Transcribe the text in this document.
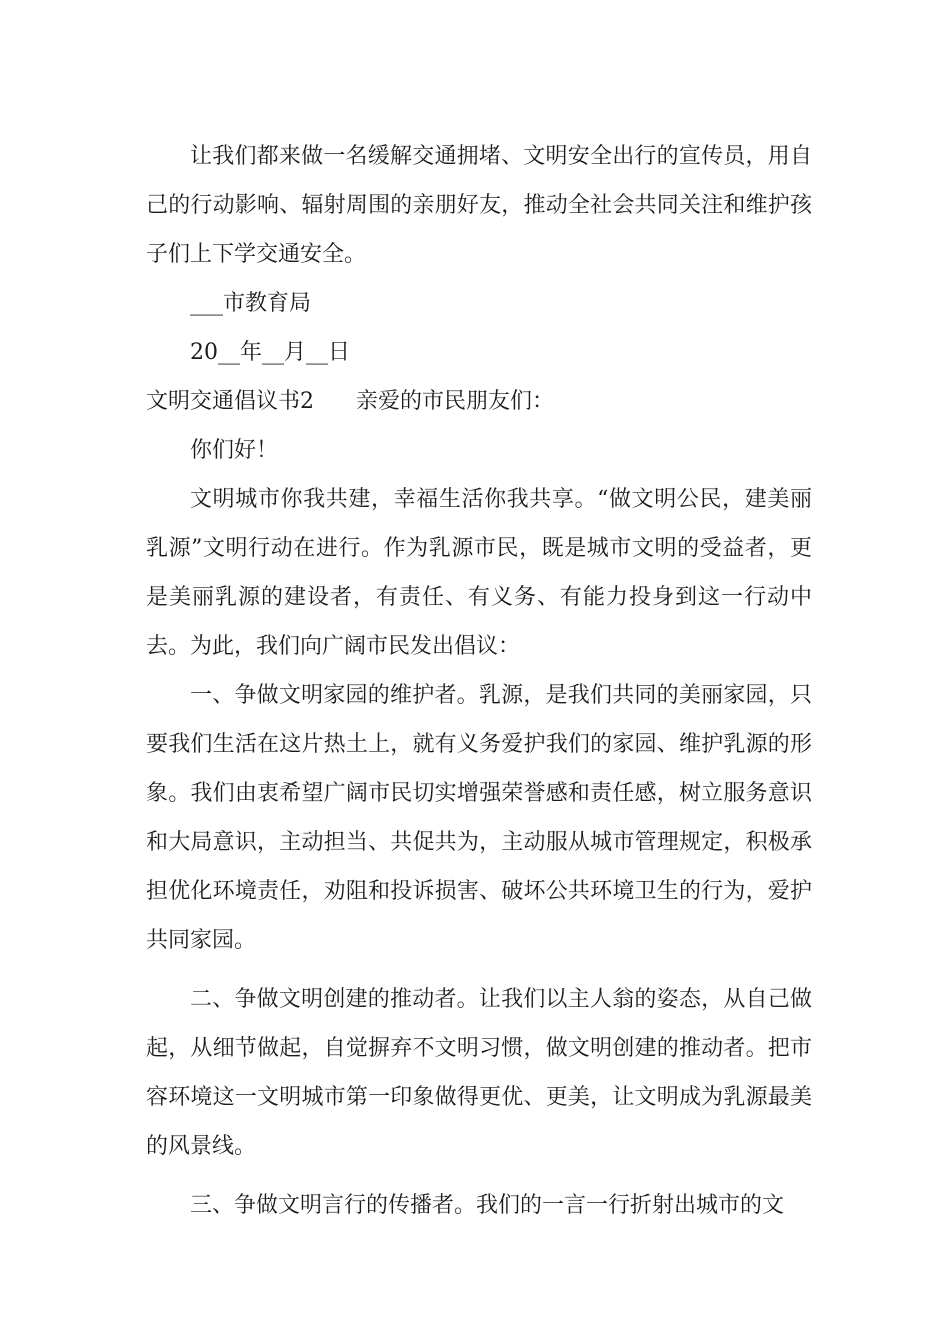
让我们都来做一名缓解交通拥堵、文明安全出行的宣传员，用自己的行动影响、辐射周围的亲朋好友，推动全社会共同关注和维护孩子们上下学交通安全。

___市教育局

20__年__月__日

文明交通倡议书2 亲爱的市民朋友们：

你们好！

文明城市你我共建，幸福生活你我共享。“做文明公民，建美丽乳源”文明行动在进行。作为乳源市民，既是城市文明的受益者，更是美丽乳源的建设者，有责任、有义务、有能力投身到这一行动中去。为此，我们向广阔市民发出倡议：

一、争做文明家园的维护者。乳源，是我们共同的美丽家园，只要我们生活在这片热土上，就有义务爱护我们的家园、维护乳源的形象。我们由衷希望广阔市民切实增强荣誉感和责任感，树立服务意识和大局意识，主动担当、共促共为，主动服从城市管理规定，积极承担优化环境责任，劝阻和投诉损害、破坏公共环境卫生的行为，爱护共同家园。

二、争做文明创建的推动者。让我们以主人翁的姿态，从自己做起，从细节做起，自觉摒弃不文明习惯，做文明创建的推动者。把市容环境这一文明城市第一印象做得更优、更美，让文明成为乳源最美的风景线。

三、争做文明言行的传播者。我们的一言一行折射出城市的文
